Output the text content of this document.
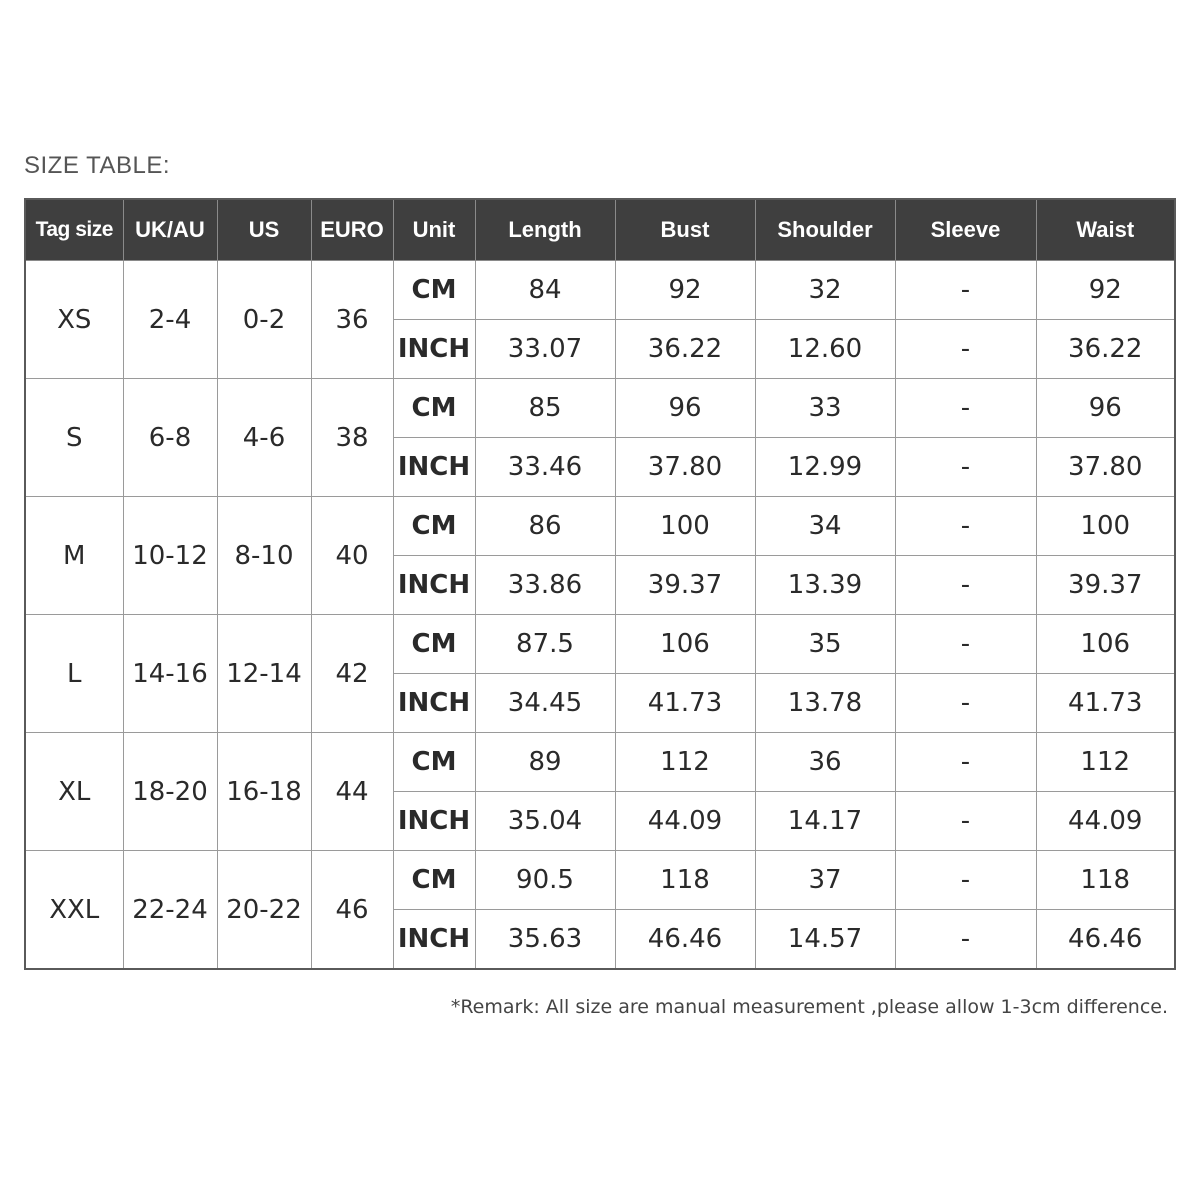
SIZE TABLE:
Tag size	UK/AU	US	EURO	Unit	Length	Bust	Shoulder	Sleeve	Waist
XS	2-4	0-2	36	CM	84	92	32	-	92
				INCH	33.07	36.22	12.60	-	36.22
S	6-8	4-6	38	CM	85	96	33	-	96
				INCH	33.46	37.80	12.99	-	37.80
M	10-12	8-10	40	CM	86	100	34	-	100
				INCH	33.86	39.37	13.39	-	39.37
L	14-16	12-14	42	CM	87.5	106	35	-	106
				INCH	34.45	41.73	13.78	-	41.73
XL	18-20	16-18	44	CM	89	112	36	-	112
				INCH	35.04	44.09	14.17	-	44.09
XXL	22-24	20-22	46	CM	90.5	118	37	-	118
				INCH	35.63	46.46	14.57	-	46.46
*Remark: All size are manual measurement ,please allow 1-3cm difference.
